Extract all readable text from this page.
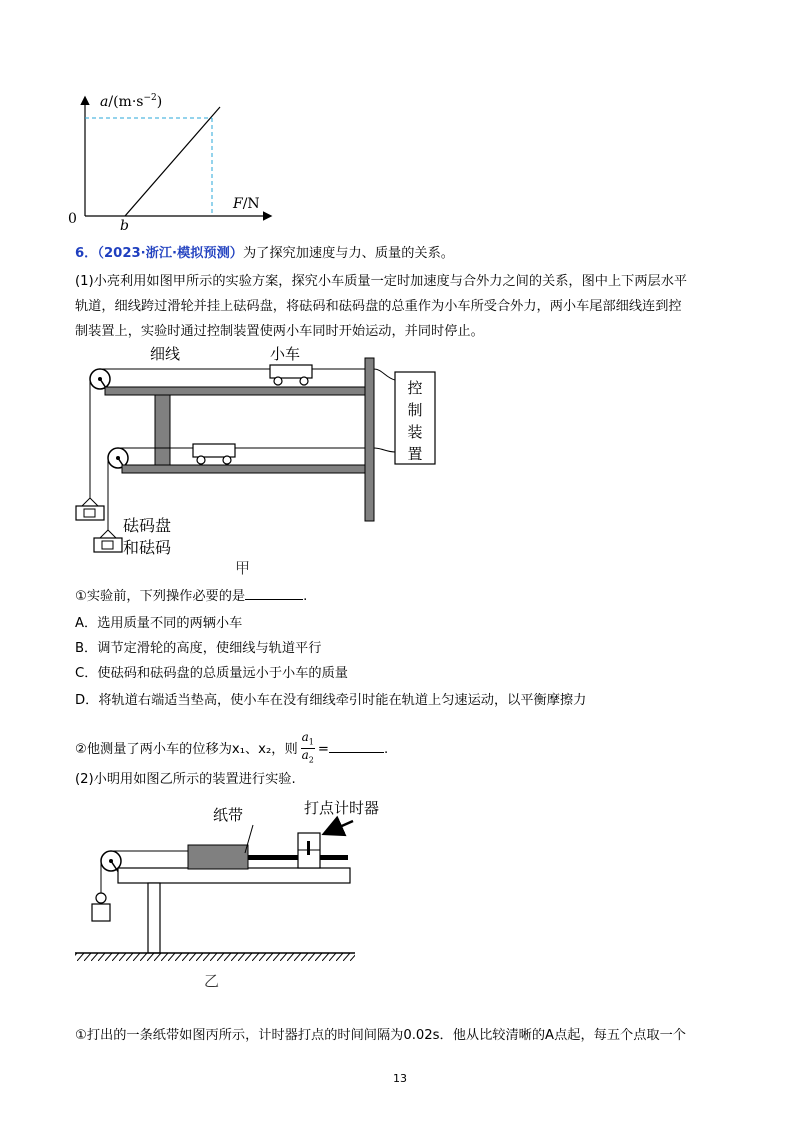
$a/(m\cdot s^{-2})$
F/N
0	b
6．（2023·浙江·模拟预测）为了探究加速度与力、质量的关系。
(1)小亮利用如图甲所示的实验方案，探究小车质量一定时加速度与合外力之间的关系，图中上下两层水平
轨道，细线跨过滑轮并挂上砝码盘，将砝码和砝码盘的总重作为小车所受合外力，两小车尾部细线连到控
制装置上，实验时通过控制装置使两小车同时开始运动，并同时停止。
控
制
装
置
细线	小车
砝码盘
和砝码
甲
①实验前，下列操作必要的是	.
A．选用质量不同的两辆小车
B．调节定滑轮的高度，使细线与轨道平行
C．使砝码和砝码盘的总质量远小于小车的质量
D．将轨道右端适当垫高，使小车在没有细线牵引时能在轨道上匀速运动，以平衡摩擦力
②他测量了两小车的位移为x₁、x₂，则 $\frac{a_1}{a_2}$ =	.
(2)小明用如图乙所示的装置进行实验.
纸带	打点计时器
乙
①打出的一条纸带如图丙所示，计时器打点的时间间隔为0.02s．他从比较清晰的A点起，每五个点取一个
13
